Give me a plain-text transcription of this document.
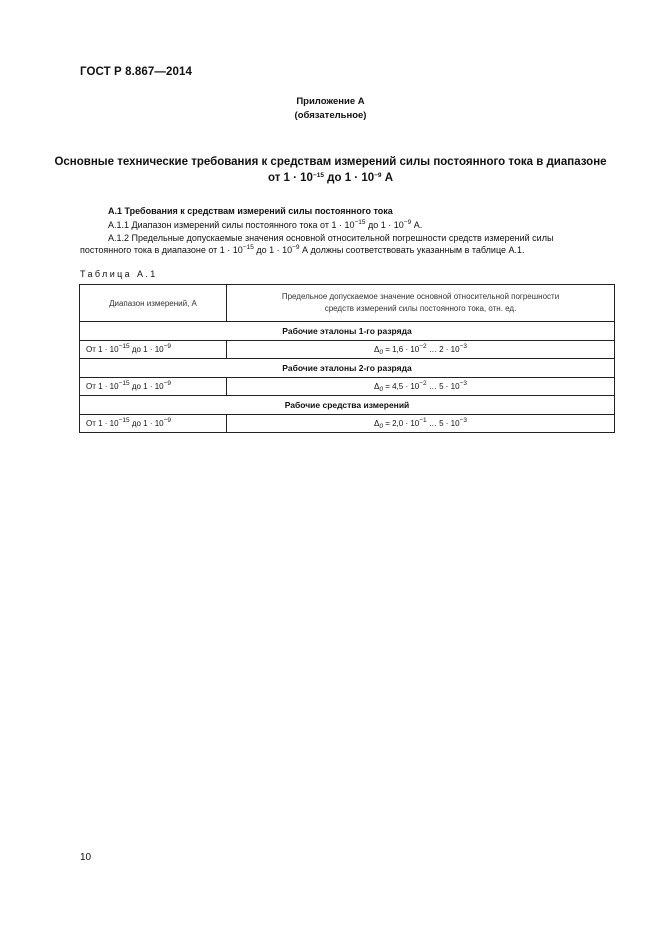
ГОСТ Р 8.867—2014
Приложение А
(обязательное)
Основные технические требования к средствам измерений силы постоянного тока в диапазоне
от $1 \cdot 10^{-15}$ до $1 \cdot 10^{-9}$ А
А.1 Требования к средствам измерений силы постоянного тока
А.1.1 Диапазон измерений силы постоянного тока от $1 \cdot 10^{-15}$ до $1 \cdot 10^{-9}$ А.
А.1.2 Предельные допускаемые значения основной относительной погрешности средств измерений силы
постоянного тока в диапазоне от $1 \cdot 10^{-15}$ до $1 \cdot 10^{-9}$ А должны соответствовать указанным в таблице А.1.
Таблица А.1
Диапазон измерений, А	Предельное допускаемое значение основной относительной погрешности
средств измерений силы постоянного тока, отн. ед.
Рабочие эталоны 1-го разряда	
От $1 \cdot 10^{-15}$ до $1 \cdot 10^{-9}$	$\Delta_0 = 1,6 \cdot 10^{-2}$ … $2 \cdot 10^{-3}$
Рабочие эталоны 2-го разряда	
От $1 \cdot 10^{-15}$ до $1 \cdot 10^{-9}$	$\Delta_0 = 4,5 \cdot 10^{-2}$ … $5 \cdot 10^{-3}$
Рабочие средства измерений	
От $1 \cdot 10^{-15}$ до $1 \cdot 10^{-9}$	$\Delta_0 = 2,0 \cdot 10^{-1}$ … $5 \cdot 10^{-3}$
10
